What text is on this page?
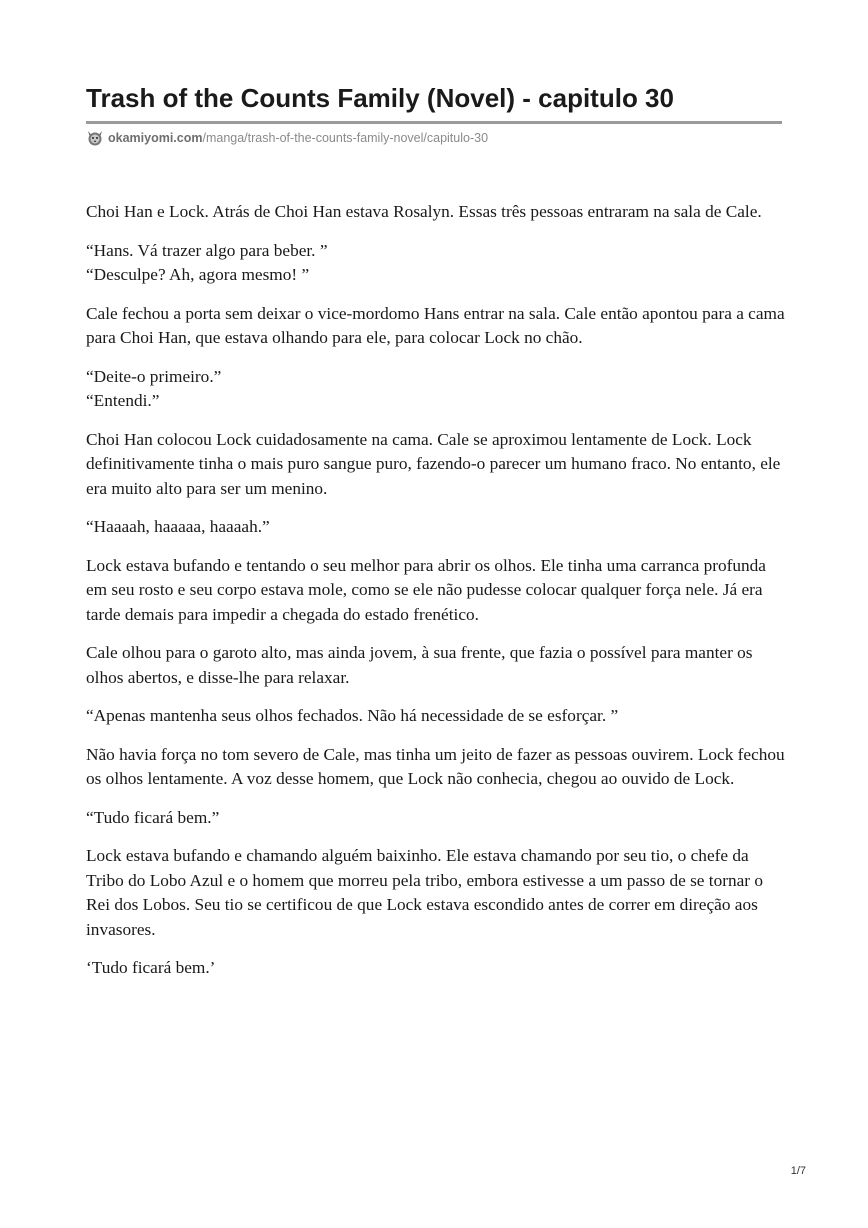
Trash of the Counts Family (Novel) - capitulo 30
okamiyomi.com /manga/trash-of-the-counts-family-novel/capitulo-30

Choi Han e Lock. Atrás de Choi Han estava Rosalyn. Essas três pessoas entraram na sala de Cale.

“Hans. Vá trazer algo para beber. ”
“Desculpe? Ah, agora mesmo! ”

Cale fechou a porta sem deixar o vice-mordomo Hans entrar na sala. Cale então apontou para a cama para Choi Han, que estava olhando para ele, para colocar Lock no chão.

“Deite-o primeiro.”
“Entendi.”

Choi Han colocou Lock cuidadosamente na cama. Cale se aproximou lentamente de Lock. Lock definitivamente tinha o mais puro sangue puro, fazendo-o parecer um humano fraco. No entanto, ele era muito alto para ser um menino.

“Haaaah, haaaaa, haaaah.”

Lock estava bufando e tentando o seu melhor para abrir os olhos. Ele tinha uma carranca profunda em seu rosto e seu corpo estava mole, como se ele não pudesse colocar qualquer força nele. Já era tarde demais para impedir a chegada do estado frenético.

Cale olhou para o garoto alto, mas ainda jovem, à sua frente, que fazia o possível para manter os olhos abertos, e disse-lhe para relaxar.

“Apenas mantenha seus olhos fechados. Não há necessidade de se esforçar. ”

Não havia força no tom severo de Cale, mas tinha um jeito de fazer as pessoas ouvirem. Lock fechou os olhos lentamente. A voz desse homem, que Lock não conhecia, chegou ao ouvido de Lock.

“Tudo ficará bem.”

Lock estava bufando e chamando alguém baixinho. Ele estava chamando por seu tio, o chefe da Tribo do Lobo Azul e o homem que morreu pela tribo, embora estivesse a um passo de se tornar o Rei dos Lobos. Seu tio se certificou de que Lock estava escondido antes de correr em direção aos invasores.

‘Tudo ficará bem.’

1/7
